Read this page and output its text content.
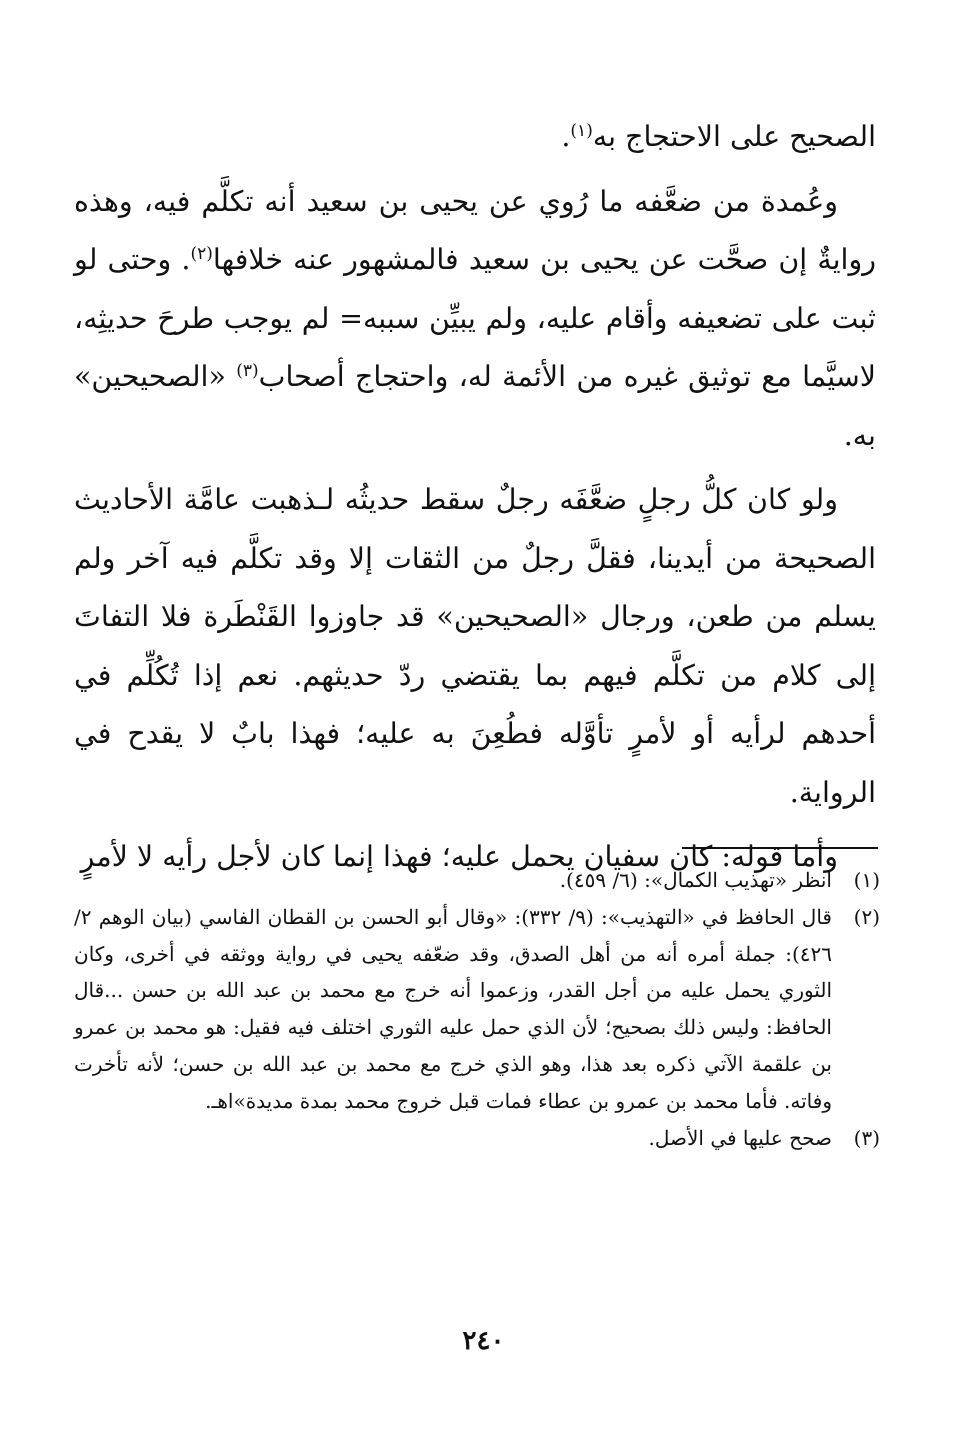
الصحيح على الاحتجاج به$^{(١)}$.

وعُمدة من ضعَّفه ما رُوي عن يحيى بن سعيد أنه تكلَّم فيه، وهذه روايةٌ إن صحَّت عن يحيى بن سعيد فالمشهور عنه خلافها$^{(٢)}$. وحتى لو ثبت على تضعيفه وأقام عليه، ولم يبيِّن سببه= لم يوجب طرحَ حديثِه، لاسيَّما مع توثيق غيره من الأئمة له، واحتجاج أصحاب$^{(٣)}$ «الصحيحين» به.

ولو كان كلُّ رجلٍ ضعَّفَه رجلٌ سقط حديثُه لـذهبت عامَّة الأحاديث الصحيحة من أيدينا، فقلَّ رجلٌ من الثقات إلا وقد تكلَّم فيه آخر ولم يسلم من طعن، ورجال «الصحيحين» قد جاوزوا القَنْطَرة فلا التفاتَ إلى كلام من تكلَّم فيهم بما يقتضي ردّ حديثهم. نعم إذا تُكُلِّم في أحدهم لرأيه أو لأمرٍ تأوَّله فطُعِنَ به عليه؛ فهذا بابٌ لا يقدح في الرواية.

وأما قوله: كان سفيان يحمل عليه؛ فهذا إنما كان لأجل رأيه لا لأمرٍ

(١)
انظر «تهذيب الكمال»: (٦/ ٤٥٩).
(٢)
قال الحافظ في «التهذيب»: (٩/ ٣٣٢): «وقال أبو الحسن بن القطان الفاسي (بيان الوهم ٢/ ٤٢٦): جملة أمره أنه من أهل الصدق، وقد ضعّفه يحيى في رواية ووثقه في أخرى، وكان الثوري يحمل عليه من أجل القدر، وزعموا أنه خرج مع محمد بن عبد الله بن حسن ...قال الحافظ: وليس ذلك بصحيح؛ لأن الذي حمل عليه الثوري اختلف فيه فقيل: هو محمد بن عمرو بن علقمة الآتي ذكره بعد هذا، وهو الذي خرج مع محمد بن عبد الله بن حسن؛ لأنه تأخرت وفاته. فأما محمد بن عمرو بن عطاء فمات قبل خروج محمد بمدة مديدة»اهـ.
(٣)
صحح عليها في الأصل.
٢٤٠
